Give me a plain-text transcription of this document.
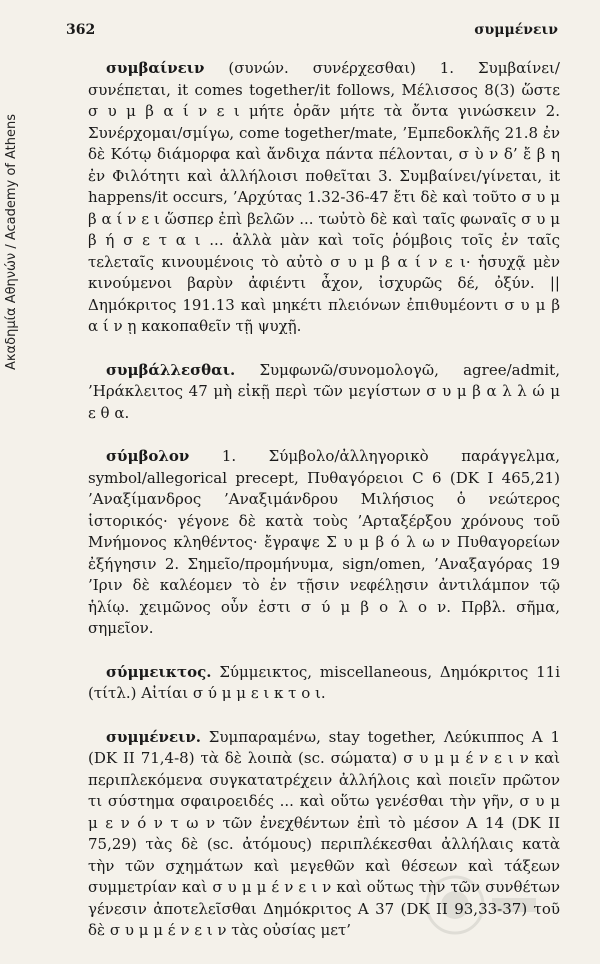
Ακαδημία Αθηνών / Academy of Athens
362	συμμένειν

συμβαίνειν (συνών. συνέρχεσθαι) 1. Συμβαίνει/συνέπεται, it comes together/it follows, Μέλισσος 8(3) ὥστε σ υ μ β α ί ν ε ι μήτε ὁρᾶν μήτε τὰ ὄντα γινώσκειν 2. Συνέρχομαι/σμίγω, come together/mate, ’Εμπεδοκλῆς 21.8 ἐν δὲ Κότῳ διάμορφα καὶ ἄνδιχα πάντα πέλονται, σ ὺ ν δ’ ἔ β η ἐν Φιλότητι καὶ ἀλλήλοισι ποθεῖται 3. Συμβαίνει/γίνεται, it happens/it occurs, ’Αρχύτας 1.32-36-47 ἔτι δὲ καὶ τοῦτο σ υ μ β α ί ν ε ι ὥσπερ ἐπὶ βελῶν ... τωὐτὸ δὲ καὶ ταῖς φωναῖς σ υ μ β ή σ ε τ α ι ... ἀλλὰ μὰν καὶ τοῖς ῥόμβοις τοῖς ἐν ταῖς τελεταῖς κινουμένοις τὸ αὐτὸ σ υ μ β α ί ν ε ι· ἡσυχᾷ μὲν κινούμενοι βαρὺν ἀφιέντι ἆχον, ἰσχυρῶς δέ, ὀξύν. || Δημόκριτος 191.13 καὶ μηκέτι πλειόνων ἐπιθυμέοντι σ υ μ β α ί ν ῃ κακοπαθεῖν τῇ ψυχῇ.

συμβάλλεσθαι. Συμφωνῶ/συνομολογῶ, agree/admit, ’Ηράκλειτος 47 μὴ εἰκῇ περὶ τῶν μεγίστων σ υ μ β α λ λ ώ μ ε θ α.

σύμβολον 1. Σύμβολο/ἀλληγορικὸ παράγγελμα, symbol/allegorical precept, Πυθαγόρειοι C 6 (DK I 465,21) ’Αναξίμανδρος ’Αναξιμάνδρου Μιλήσιος ὁ νεώτερος ἱστορικός· γέγονε δὲ κατὰ τοὺς ’Αρταξέρξου χρόνους τοῦ Μνήμονος κληθέντος· ἔγραψε Σ υ μ β ό λ ω ν Πυθαγορείων ἐξήγησιν 2. Σημεῖο/προμήνυμα, sign/omen, ’Αναξαγόρας 19 ’Ιριν δὲ καλέομεν τὸ ἐν τῇσιν νεφέλῃσιν ἀντιλάμπον τῷ ἡλίῳ. χειμῶνος οὖν ἐστι σ ύ μ β ο λ ο ν. Πρβλ. σῆμα, σημεῖον.

σύμμεικτος. Σύμμεικτος, miscellaneous, Δημόκριτος 11i (τίτλ.) Αἰτίαι σ ύ μ μ ε ι κ τ ο ι.

συμμένειν. Συμπαραμένω, stay together, Λεύκιππος A 1 (DK II 71,4-8) τὰ δὲ λοιπὰ (sc. σώματα) σ υ μ μ έ ν ε ι ν καὶ περιπλεκόμενα συγκατατρέχειν ἀλλήλοις καὶ ποιεῖν πρῶτον τι σύστημα σφαιροειδές ... καὶ οὕτω γενέσθαι τὴν γῆν, σ υ μ μ ε ν ό ν τ ω ν τῶν ἐνεχθέντων ἐπὶ τὸ μέσον A 14 (DK II 75,29) τὰς δὲ (sc. ἀτόμους) περιπλέκεσθαι ἀλλήλαις κατὰ τὴν τῶν σχημάτων καὶ μεγεθῶν καὶ θέσεων καὶ τάξεων συμμετρίαν καὶ σ υ μ μ έ ν ε ι ν καὶ οὕτως τὴν τῶν συνθέτων γένεσιν ἀποτελεῖσθαι Δημόκριτος A 37 (DK II 93,33-37) τοῦ δὲ σ υ μ μ έ ν ε ι ν τὰς οὐσίας μετ’
